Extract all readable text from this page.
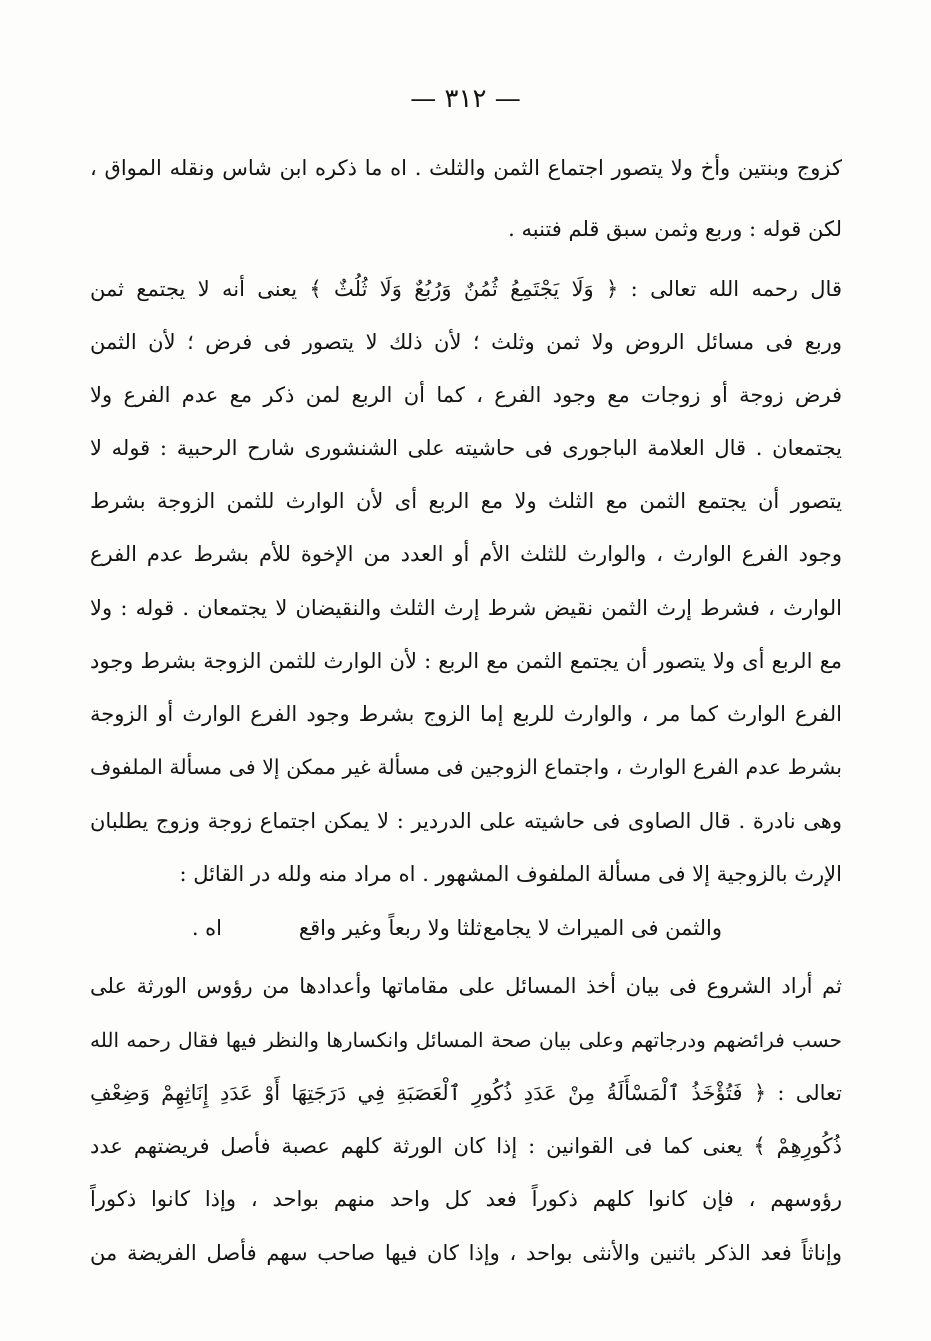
— ٣١٢ —
كزوج وبنتين وأخ ولا يتصور اجتماع الثمن والثلث . اه ما ذكره ابن شاس ونقله المواق ،
لكن قوله : وربع وثمن سبق قلم فتنبه .
قال رحمه الله تعالى : ﴿ وَلَا يَجْتَمِعُ ثُمُنٌ وَرُبُعٌ وَلَا ثُلُثٌ ﴾ يعنى أنه لا يجتمع ثمن
وربع فى مسائل الروض ولا ثمن وثلث ؛ لأن ذلك لا يتصور فى فرض ؛ لأن الثمن
فرض زوجة أو زوجات مع وجود الفرع ، كما أن الربع لمن ذكر مع عدم الفرع ولا
يجتمعان . قال العلامة الباجورى فى حاشيته على الشنشورى شارح الرحبية : قوله لا
يتصور أن يجتمع الثمن مع الثلث ولا مع الربع أى لأن الوارث للثمن الزوجة بشرط
وجود الفرع الوارث ، والوارث للثلث الأم أو العدد من الإخوة للأم بشرط عدم الفرع
الوارث ، فشرط إرث الثمن نقيض شرط إرث الثلث والنقيضان لا يجتمعان . قوله : ولا
مع الربع أى ولا يتصور أن يجتمع الثمن مع الربع : لأن الوارث للثمن الزوجة بشرط وجود
الفرع الوارث كما مر ، والوارث للربع إما الزوج بشرط وجود الفرع الوارث أو الزوجة
بشرط عدم الفرع الوارث ، واجتماع الزوجين فى مسألة غير ممكن إلا فى مسألة الملفوف
وهى نادرة . قال الصاوى فى حاشيته على الدردير : لا يمكن اجتماع زوجة وزوج يطلبان
الإرث بالزوجية إلا فى مسألة الملفوف المشهور . اه مراد منه ولله در القائل :
والثمن فى الميراث لا يجامع
ثلثا ولا ربعاً وغير واقع
اه .
ثم أراد الشروع فى بيان أخذ المسائل على مقاماتها وأعدادها من رؤوس الورثة على
حسب فرائضهم ودرجاتهم وعلى بيان صحة المسائل وانكسارها والنظر فيها فقال رحمه الله
تعالى : ﴿ فَتُؤْخَذُ ٱلْمَسْأَلَةُ مِنْ عَدَدِ ذُكُورِ ٱلْعَصَبَةِ فِي دَرَجَتِهَا أَوْ عَدَدِ إِنَاثِهِمْ وَضِعْفِ
ذُكُورِهِمْ ﴾ يعنى كما فى القوانين : إذا كان الورثة كلهم عصبة فأصل فريضتهم عدد
رؤوسهم ، فإن كانوا كلهم ذكوراً فعد كل واحد منهم بواحد ، وإذا كانوا ذكوراً
وإناثاً فعد الذكر باثنين والأنثى بواحد ، وإذا كان فيها صاحب سهم فأصل الفريضة من
